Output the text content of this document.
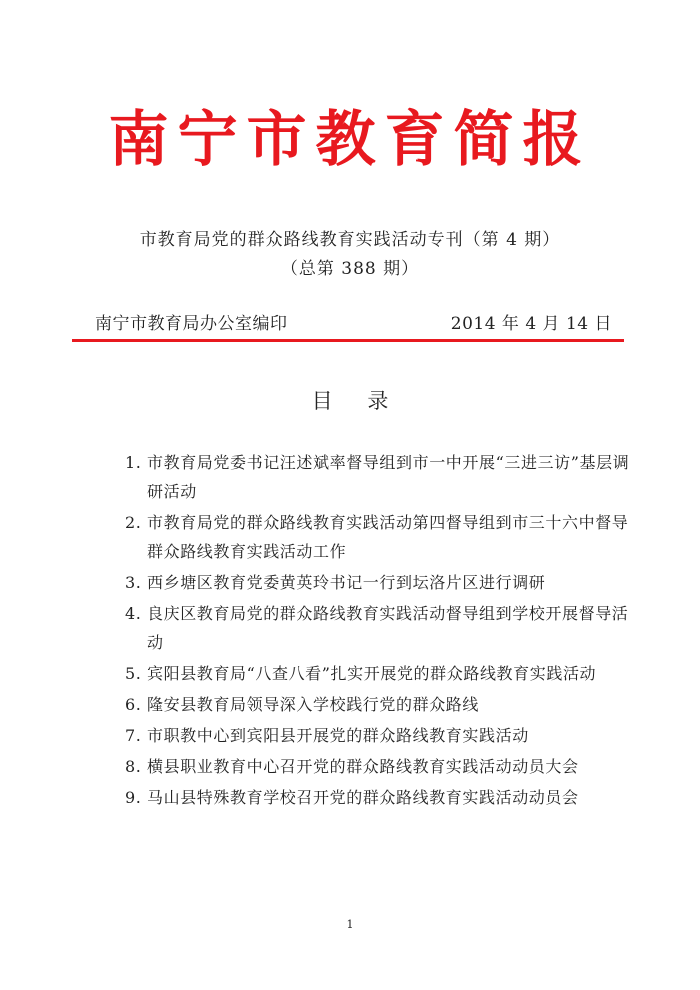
南宁市教育简报
市教育局党的群众路线教育实践活动专刊（第 4 期）
（总第 388 期）
南宁市教育局办公室编印	2014 年 4 月 14 日
目 录
1. 市教育局党委书记汪述斌率督导组到市一中开展“三进三访”基层调研活动
2. 市教育局党的群众路线教育实践活动第四督导组到市三十六中督导群众路线教育实践活动工作
3. 西乡塘区教育党委黄英玲书记一行到坛洛片区进行调研
4. 良庆区教育局党的群众路线教育实践活动督导组到学校开展督导活动
5. 宾阳县教育局“八查八看”扎实开展党的群众路线教育实践活动
6. 隆安县教育局领导深入学校践行党的群众路线
7. 市职教中心到宾阳县开展党的群众路线教育实践活动
8. 横县职业教育中心召开党的群众路线教育实践活动动员大会
9. 马山县特殊教育学校召开党的群众路线教育实践活动动员会
1
